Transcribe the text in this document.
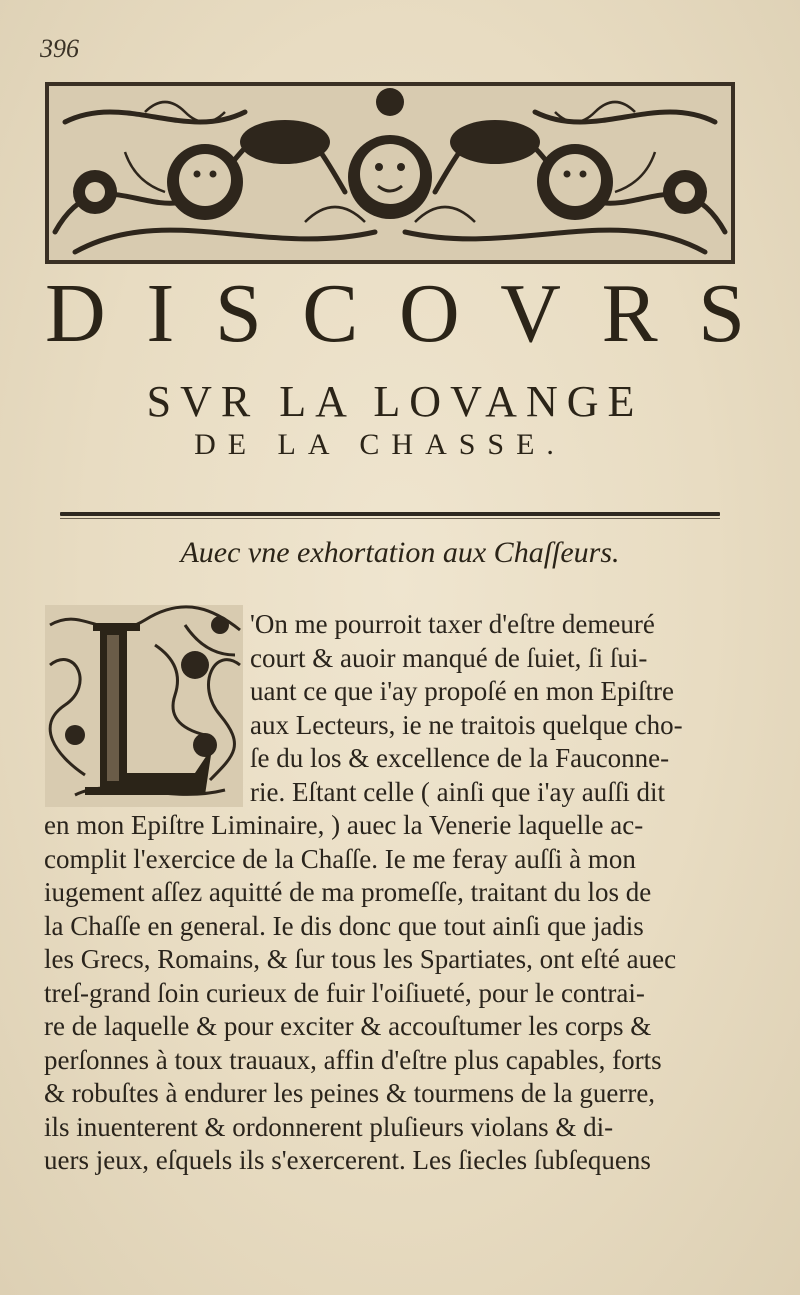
396
D I S C O V R S
SVR LA LOVANGE
DE LA CHASSE.
Auec vne exhortation aux Chaſſeurs.
'On me pourroit taxer d'eſtre demeuré
court & auoir manqué de ſuiet, ſi ſui-
uant ce que i'ay propoſé en mon Epiſtre
aux Lecteurs, ie ne traitois quelque cho-
ſe du los & excellence de la Fauconne-
rie. Eſtant celle ( ainſi que i'ay auſſi dit
en mon Epiſtre Liminaire, ) auec la Venerie laquelle ac-
complit l'exercice de la Chaſſe. Ie me feray auſſi à mon
iugement aſſez aquitté de ma promeſſe, traitant du los de
la Chaſſe en general. Ie dis donc que tout ainſi que jadis
les Grecs, Romains, & ſur tous les Spartiates, ont eſté auec
treſ-grand ſoin curieux de fuir l'oiſiueté, pour le contrai-
re de laquelle & pour exciter & accouſtumer les corps &
perſonnes à toux trauaux, affin d'eſtre plus capables, forts
& robuſtes à endurer les peines & tourmens de la guerre,
ils inuenterent & ordonnerent pluſieurs violans & di-
uers jeux, eſquels ils s'exercerent. Les ſiecles ſubſequens
